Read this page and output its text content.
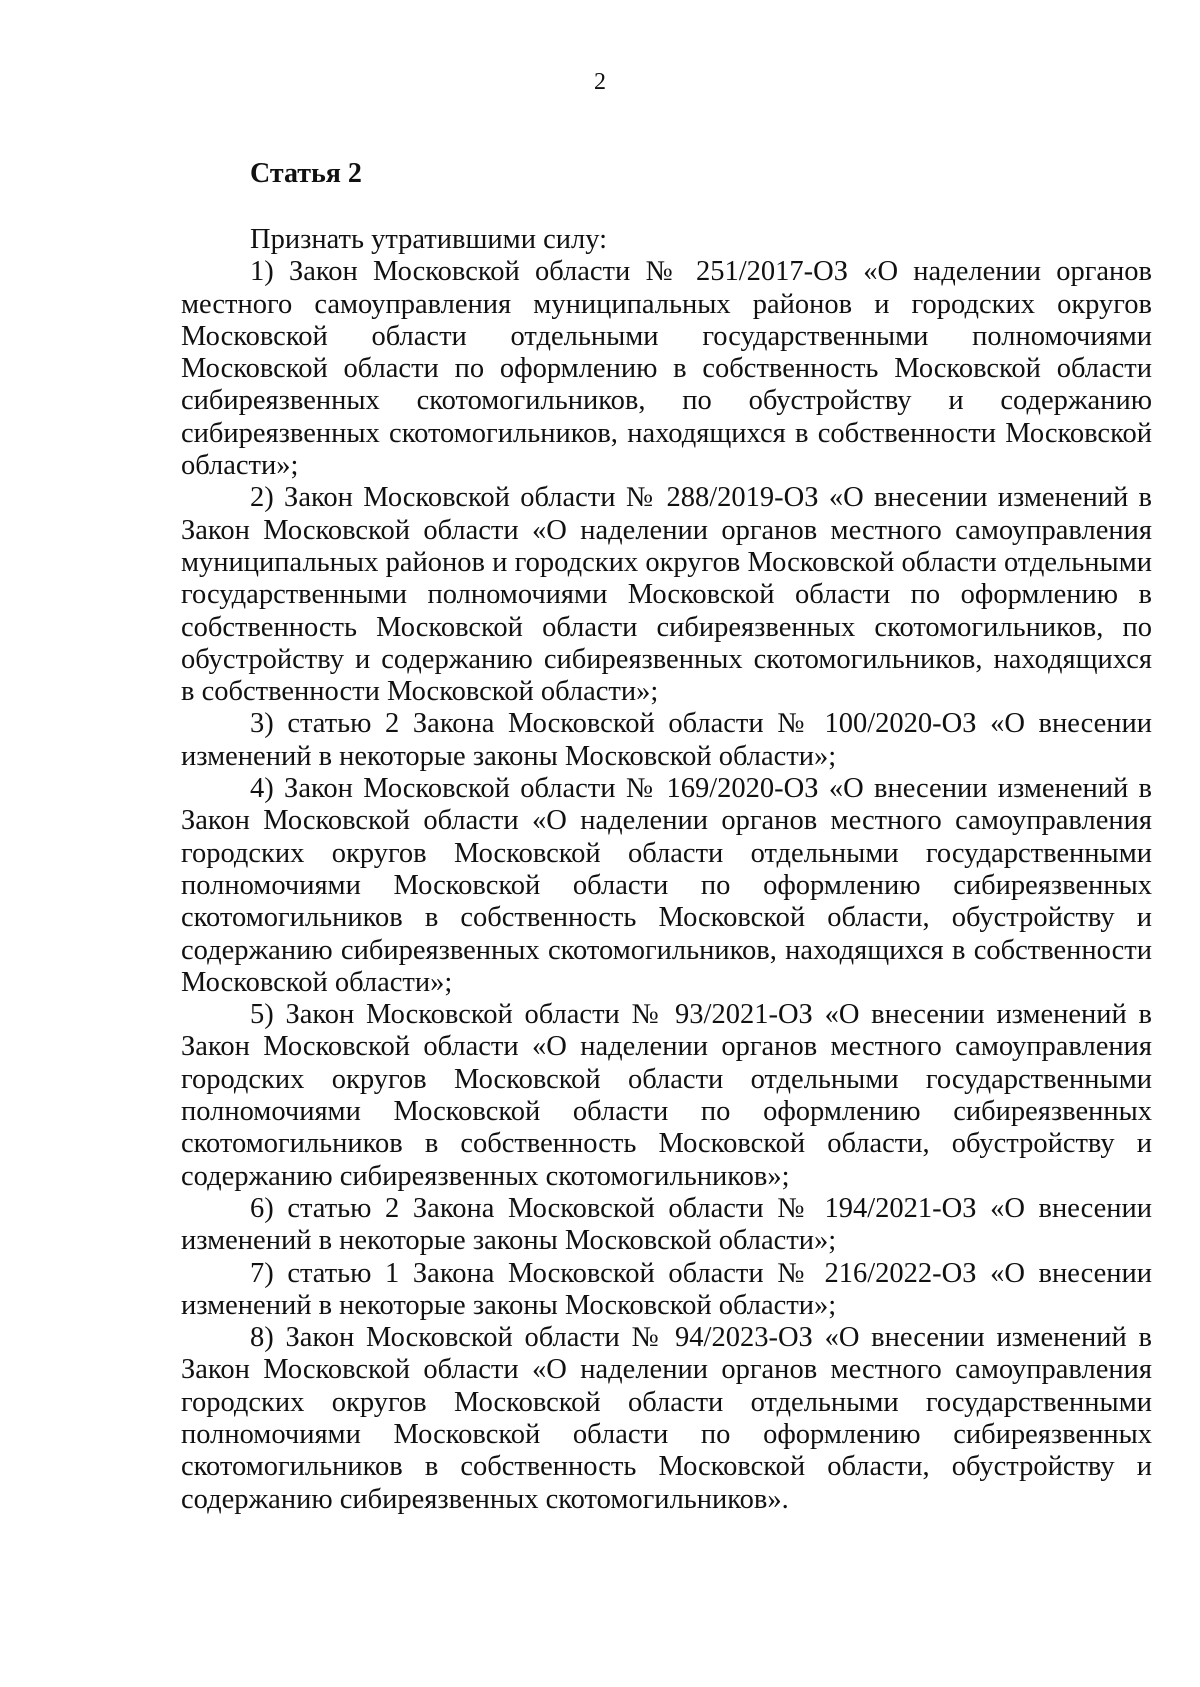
2
Статья 2

Признать утратившими силу:

1) Закон Московской области № 251/2017-ОЗ «О наделении органов местного самоуправления муниципальных районов и городских округов Московской области отдельными государственными полномочиями Московской области по оформлению в собственность Московской области сибиреязвенных скотомогильников, по обустройству и содержанию сибиреязвенных скотомогильников, находящихся в собственности Московской области»;

2) Закон Московской области № 288/2019-ОЗ «О внесении изменений в Закон Московской области «О наделении органов местного самоуправления муниципальных районов и городских округов Московской области отдельными государственными полномочиями Московской области по оформлению в собственность Московской области сибиреязвенных скотомогильников, по обустройству и содержанию сибиреязвенных скотомогильников, находящихся в собственности Московской области»;

3) статью 2 Закона Московской области № 100/2020-ОЗ «О внесении изменений в некоторые законы Московской области»;

4) Закон Московской области № 169/2020-ОЗ «О внесении изменений в Закон Московской области «О наделении органов местного самоуправления городских округов Московской области отдельными государственными полномочиями Московской области по оформлению сибиреязвенных скотомогильников в собственность Московской области, обустройству и содержанию сибиреязвенных скотомогильников, находящихся в собственности Московской области»;

5) Закон Московской области № 93/2021-ОЗ «О внесении изменений в Закон Московской области «О наделении органов местного самоуправления городских округов Московской области отдельными государственными полномочиями Московской области по оформлению сибиреязвенных скотомогильников в собственность Московской области, обустройству и содержанию сибиреязвенных скотомогильников»;

6) статью 2 Закона Московской области № 194/2021-ОЗ «О внесении изменений в некоторые законы Московской области»;

7) статью 1 Закона Московской области № 216/2022-ОЗ «О внесении изменений в некоторые законы Московской области»;

8) Закон Московской области № 94/2023-ОЗ «О внесении изменений в Закон Московской области «О наделении органов местного самоуправления городских округов Московской области отдельными государственными полномочиями Московской области по оформлению сибиреязвенных скотомогильников в собственность Московской области, обустройству и содержанию сибиреязвенных скотомогильников».
